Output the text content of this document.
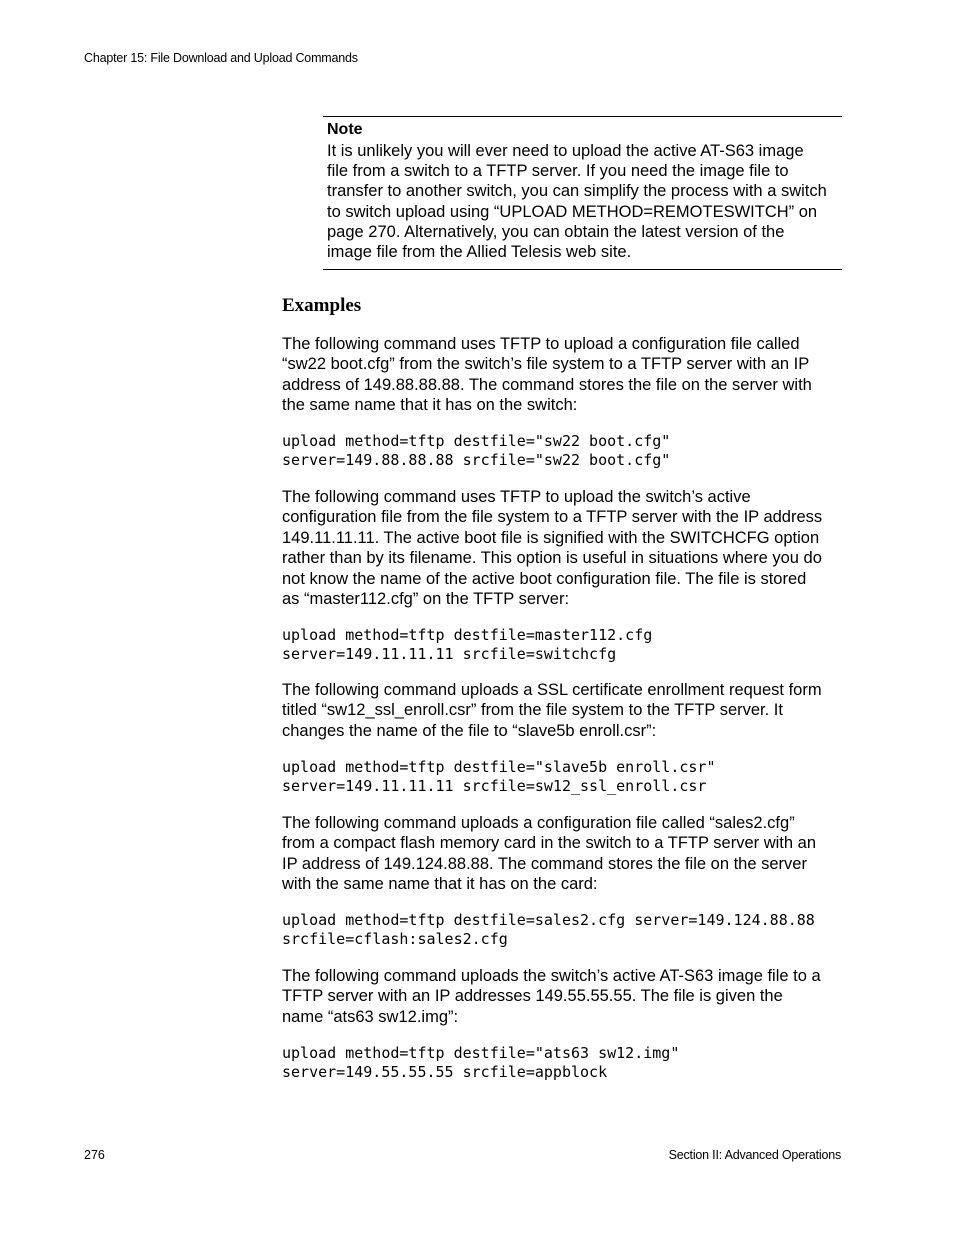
Chapter 15: File Download and Upload Commands
Note
It is unlikely you will ever need to upload the active AT-S63 image
file from a switch to a TFTP server. If you need the image file to
transfer to another switch, you can simplify the process with a switch
to switch upload using “UPLOAD METHOD=REMOTESWITCH” on
page 270. Alternatively, you can obtain the latest version of the
image file from the Allied Telesis web site.
Examples
The following command uses TFTP to upload a configuration file called
“sw22 boot.cfg” from the switch’s file system to a TFTP server with an IP
address of 149.88.88.88. The command stores the file on the server with
the same name that it has on the switch:
upload method=tftp destfile="sw22 boot.cfg"
server=149.88.88.88 srcfile="sw22 boot.cfg"
The following command uses TFTP to upload the switch’s active
configuration file from the file system to a TFTP server with the IP address
149.11.11.11. The active boot file is signified with the SWITCHCFG option
rather than by its filename. This option is useful in situations where you do
not know the name of the active boot configuration file. The file is stored
as “master112.cfg” on the TFTP server:
upload method=tftp destfile=master112.cfg
server=149.11.11.11 srcfile=switchcfg
The following command uploads a SSL certificate enrollment request form
titled “sw12_ssl_enroll.csr” from the file system to the TFTP server. It
changes the name of the file to “slave5b enroll.csr”:
upload method=tftp destfile="slave5b enroll.csr"
server=149.11.11.11 srcfile=sw12_ssl_enroll.csr
The following command uploads a configuration file called “sales2.cfg”
from a compact flash memory card in the switch to a TFTP server with an
IP address of 149.124.88.88. The command stores the file on the server
with the same name that it has on the card:
upload method=tftp destfile=sales2.cfg server=149.124.88.88
srcfile=cflash:sales2.cfg
The following command uploads the switch’s active AT-S63 image file to a
TFTP server with an IP addresses 149.55.55.55. The file is given the
name “ats63 sw12.img”:
upload method=tftp destfile="ats63 sw12.img"
server=149.55.55.55 srcfile=appblock
276	Section II: Advanced Operations
